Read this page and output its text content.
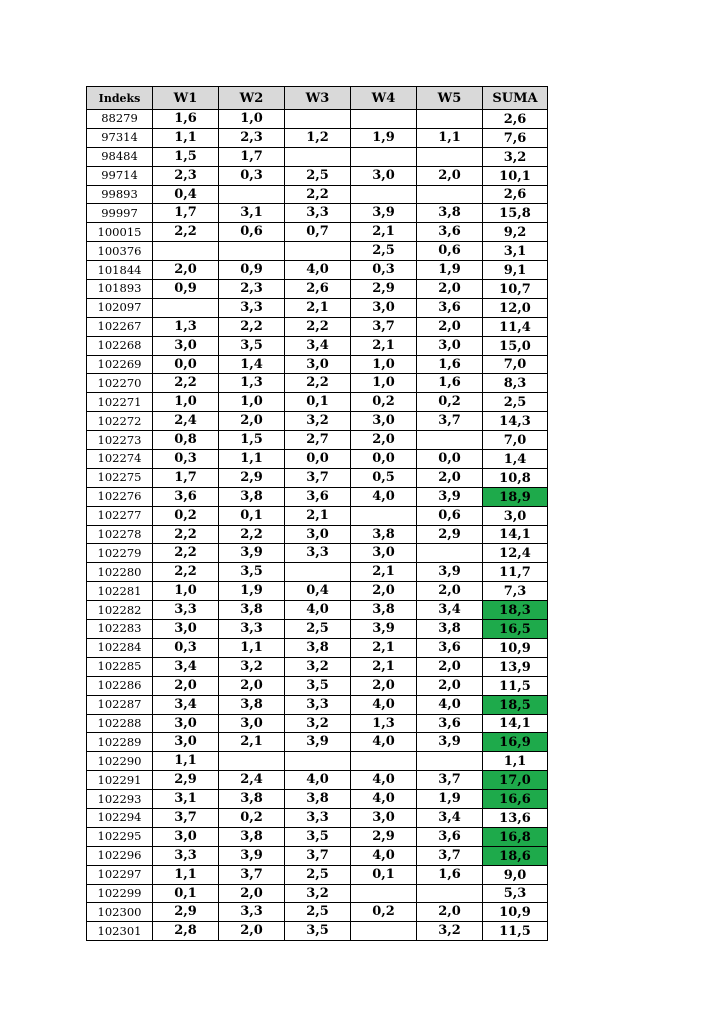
Indeks	W1	W2	W3	W4	W5	SUMA
88279	1,6	1,0				2,6
97314	1,1	2,3	1,2	1,9	1,1	7,6
98484	1,5	1,7				3,2
99714	2,3	0,3	2,5	3,0	2,0	10,1
99893	0,4		2,2			2,6
99997	1,7	3,1	3,3	3,9	3,8	15,8
100015	2,2	0,6	0,7	2,1	3,6	9,2
100376				2,5	0,6	3,1
101844	2,0	0,9	4,0	0,3	1,9	9,1
101893	0,9	2,3	2,6	2,9	2,0	10,7
102097		3,3	2,1	3,0	3,6	12,0
102267	1,3	2,2	2,2	3,7	2,0	11,4
102268	3,0	3,5	3,4	2,1	3,0	15,0
102269	0,0	1,4	3,0	1,0	1,6	7,0
102270	2,2	1,3	2,2	1,0	1,6	8,3
102271	1,0	1,0	0,1	0,2	0,2	2,5
102272	2,4	2,0	3,2	3,0	3,7	14,3
102273	0,8	1,5	2,7	2,0		7,0
102274	0,3	1,1	0,0	0,0	0,0	1,4
102275	1,7	2,9	3,7	0,5	2,0	10,8
102276	3,6	3,8	3,6	4,0	3,9	18,9
102277	0,2	0,1	2,1		0,6	3,0
102278	2,2	2,2	3,0	3,8	2,9	14,1
102279	2,2	3,9	3,3	3,0		12,4
102280	2,2	3,5		2,1	3,9	11,7
102281	1,0	1,9	0,4	2,0	2,0	7,3
102282	3,3	3,8	4,0	3,8	3,4	18,3
102283	3,0	3,3	2,5	3,9	3,8	16,5
102284	0,3	1,1	3,8	2,1	3,6	10,9
102285	3,4	3,2	3,2	2,1	2,0	13,9
102286	2,0	2,0	3,5	2,0	2,0	11,5
102287	3,4	3,8	3,3	4,0	4,0	18,5
102288	3,0	3,0	3,2	1,3	3,6	14,1
102289	3,0	2,1	3,9	4,0	3,9	16,9
102290	1,1					1,1
102291	2,9	2,4	4,0	4,0	3,7	17,0
102293	3,1	3,8	3,8	4,0	1,9	16,6
102294	3,7	0,2	3,3	3,0	3,4	13,6
102295	3,0	3,8	3,5	2,9	3,6	16,8
102296	3,3	3,9	3,7	4,0	3,7	18,6
102297	1,1	3,7	2,5	0,1	1,6	9,0
102299	0,1	2,0	3,2			5,3
102300	2,9	3,3	2,5	0,2	2,0	10,9
102301	2,8	2,0	3,5		3,2	11,5
